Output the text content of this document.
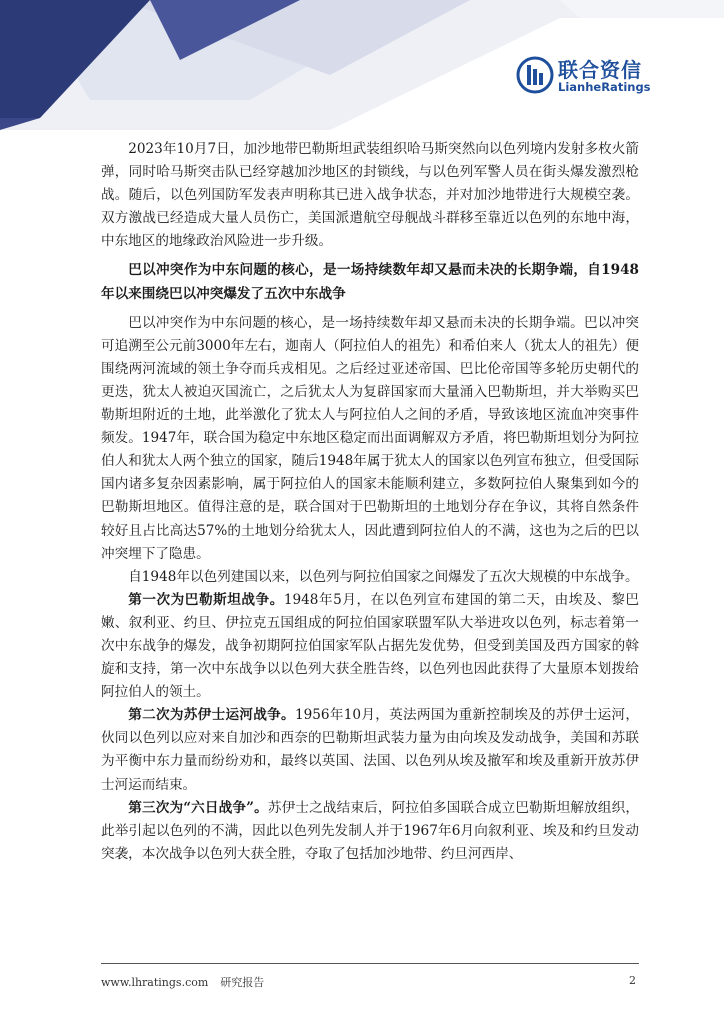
联合资信
LianheRatings

2023年10月7日，加沙地带巴勒斯坦武装组织哈马斯突然向以色列境内发射多枚火箭弹，同时哈马斯突击队已经穿越加沙地区的封锁线，与以色列军警人员在街头爆发激烈枪战。随后，以色列国防军发表声明称其已进入战争状态，并对加沙地带进行大规模空袭。双方激战已经造成大量人员伤亡，美国派遣航空母舰战斗群移至靠近以色列的东地中海，中东地区的地缘政治风险进一步升级。

巴以冲突作为中东问题的核心，是一场持续数年却又悬而未决的长期争端，自1948年以来围绕巴以冲突爆发了五次中东战争

巴以冲突作为中东问题的核心，是一场持续数年却又悬而未决的长期争端。巴以冲突可追溯至公元前3000年左右，迦南人（阿拉伯人的祖先）和希伯来人（犹太人的祖先）便围绕两河流域的领土争夺而兵戎相见。之后经过亚述帝国、巴比伦帝国等多轮历史朝代的更迭，犹太人被迫灭国流亡，之后犹太人为复辟国家而大量涌入巴勒斯坦，并大举购买巴勒斯坦附近的土地，此举激化了犹太人与阿拉伯人之间的矛盾，导致该地区流血冲突事件频发。1947年，联合国为稳定中东地区稳定而出面调解双方矛盾，将巴勒斯坦划分为阿拉伯人和犹太人两个独立的国家，随后1948年属于犹太人的国家以色列宣布独立，但受国际国内诸多复杂因素影响，属于阿拉伯人的国家未能顺利建立，多数阿拉伯人聚集到如今的巴勒斯坦地区。值得注意的是，联合国对于巴勒斯坦的土地划分存在争议，其将自然条件较好且占比高达57%的土地划分给犹太人，因此遭到阿拉伯人的不满，这也为之后的巴以冲突埋下了隐患。

自1948年以色列建国以来，以色列与阿拉伯国家之间爆发了五次大规模的中东战争。

第一次为巴勒斯坦战争。1948年5月，在以色列宣布建国的第二天，由埃及、黎巴嫩、叙利亚、约旦、伊拉克五国组成的阿拉伯国家联盟军队大举进攻以色列，标志着第一次中东战争的爆发，战争初期阿拉伯国家军队占据先发优势，但受到美国及西方国家的斡旋和支持，第一次中东战争以以色列大获全胜告终，以色列也因此获得了大量原本划拨给阿拉伯人的领土。

第二次为苏伊士运河战争。1956年10月，英法两国为重新控制埃及的苏伊士运河，伙同以色列以应对来自加沙和西奈的巴勒斯坦武装力量为由向埃及发动战争，美国和苏联为平衡中东力量而纷纷劝和，最终以英国、法国、以色列从埃及撤军和埃及重新开放苏伊士河运而结束。

第三次为“六日战争”。苏伊士之战结束后，阿拉伯多国联合成立巴勒斯坦解放组织，此举引起以色列的不满，因此以色列先发制人并于1967年6月向叙利亚、埃及和约旦发动突袭，本次战争以色列大获全胜，夺取了包括加沙地带、约旦河西岸、

www.lhratings.com 研究报告	2
